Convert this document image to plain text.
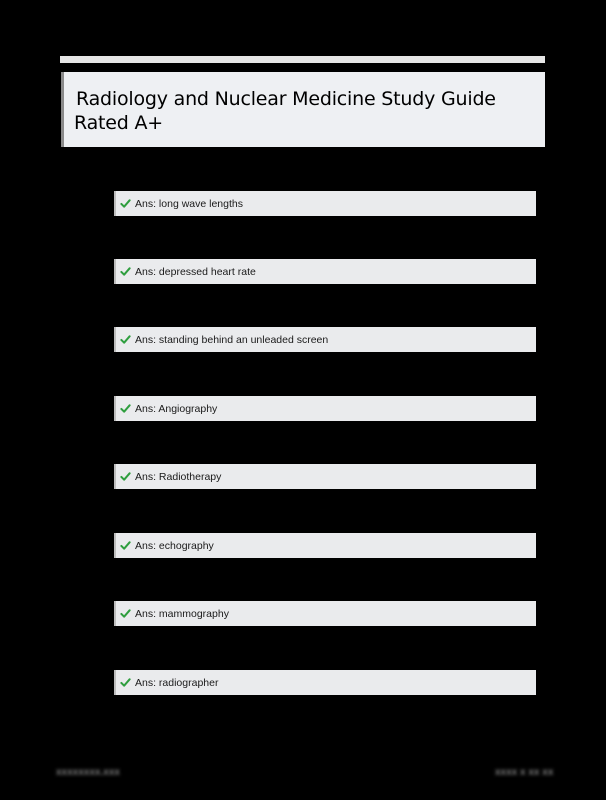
Radiology and Nuclear Medicine Study Guide
Rated A+
Ans: long wave lengths
Ans: depressed heart rate
Ans: standing behind an unleaded screen
Ans: Angiography
Ans: Radiotherapy
Ans: echography
Ans: mammography
Ans: radiographer
xxxxxxxx.xxx	xxxx x xx xx
